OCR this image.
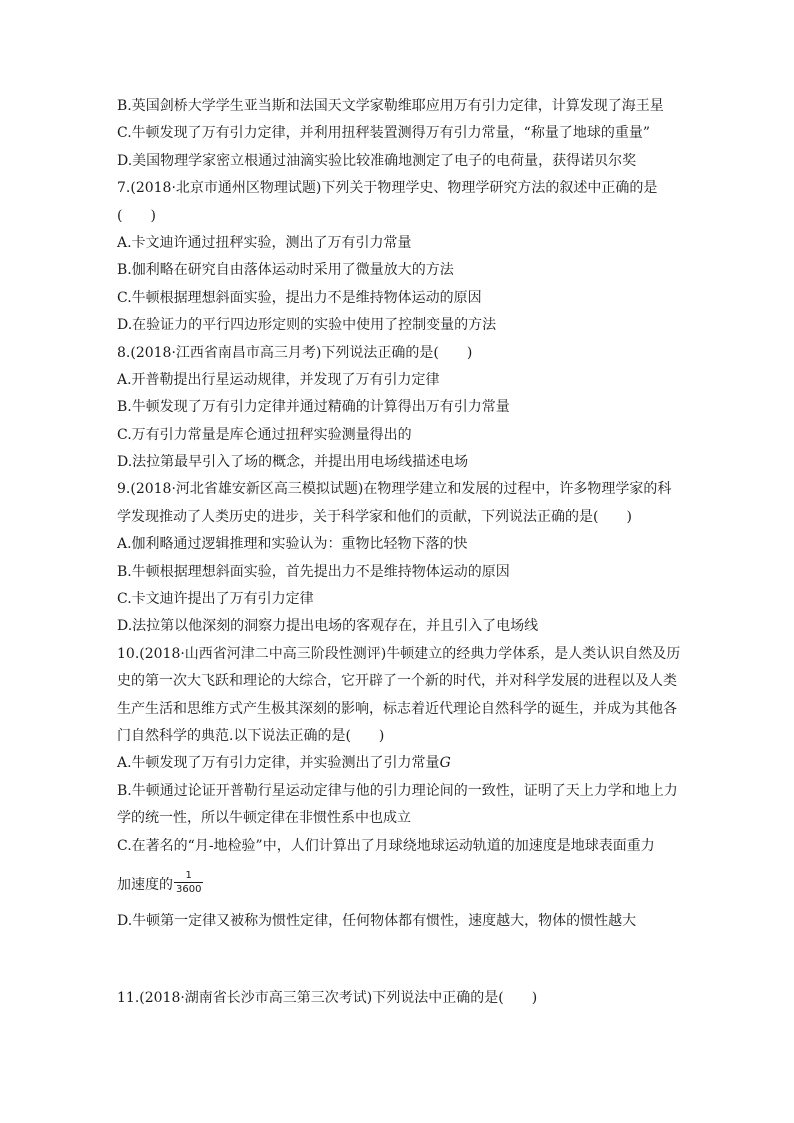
B.英国剑桥大学学生亚当斯和法国天文学家勒维耶应用万有引力定律，计算发现了海王星
C.牛顿发现了万有引力定律，并利用扭秤装置测得万有引力常量，“称量了地球的重量”
D.美国物理学家密立根通过油滴实验比较准确地测定了电子的电荷量，获得诺贝尔奖
7.(2018·北京市通州区物理试题)下列关于物理学史、物理学研究方法的叙述中正确的是
(　　)
A.卡文迪许通过扭秤实验，测出了万有引力常量
B.伽利略在研究自由落体运动时采用了微量放大的方法
C.牛顿根据理想斜面实验，提出力不是维持物体运动的原因
D.在验证力的平行四边形定则的实验中使用了控制变量的方法
8.(2018·江西省南昌市高三月考)下列说法正确的是(　　)
A.开普勒提出行星运动规律，并发现了万有引力定律
B.牛顿发现了万有引力定律并通过精确的计算得出万有引力常量
C.万有引力常量是库仑通过扭秤实验测量得出的
D.法拉第最早引入了场的概念，并提出用电场线描述电场
9.(2018·河北省雄安新区高三模拟试题)在物理学建立和发展的过程中，许多物理学家的科
学发现推动了人类历史的进步，关于科学家和他们的贡献，下列说法正确的是(　　)
A.伽利略通过逻辑推理和实验认为：重物比轻物下落的快
B.牛顿根据理想斜面实验，首先提出力不是维持物体运动的原因
C.卡文迪许提出了万有引力定律
D.法拉第以他深刻的洞察力提出电场的客观存在，并且引入了电场线
10.(2018·山西省河津二中高三阶段性测评)牛顿建立的经典力学体系，是人类认识自然及历
史的第一次大飞跃和理论的大综合，它开辟了一个新的时代，并对科学发展的进程以及人类
生产生活和思维方式产生极其深刻的影响，标志着近代理论自然科学的诞生，并成为其他各
门自然科学的典范.以下说法正确的是(　　)
A.牛顿发现了万有引力定律，并实验测出了引力常量G
B.牛顿通过论证开普勒行星运动定律与他的引力理论间的一致性，证明了天上力学和地上力
学的统一性，所以牛顿定律在非惯性系中也成立
C.在著名的“月-地检验”中，人们计算出了月球绕地球运动轨道的加速度是地球表面重力
加速度的 $\frac{1}{3600}$
D.牛顿第一定律又被称为惯性定律，任何物体都有惯性，速度越大，物体的惯性越大
11.(2018·湖南省长沙市高三第三次考试)下列说法中正确的是(　　)
